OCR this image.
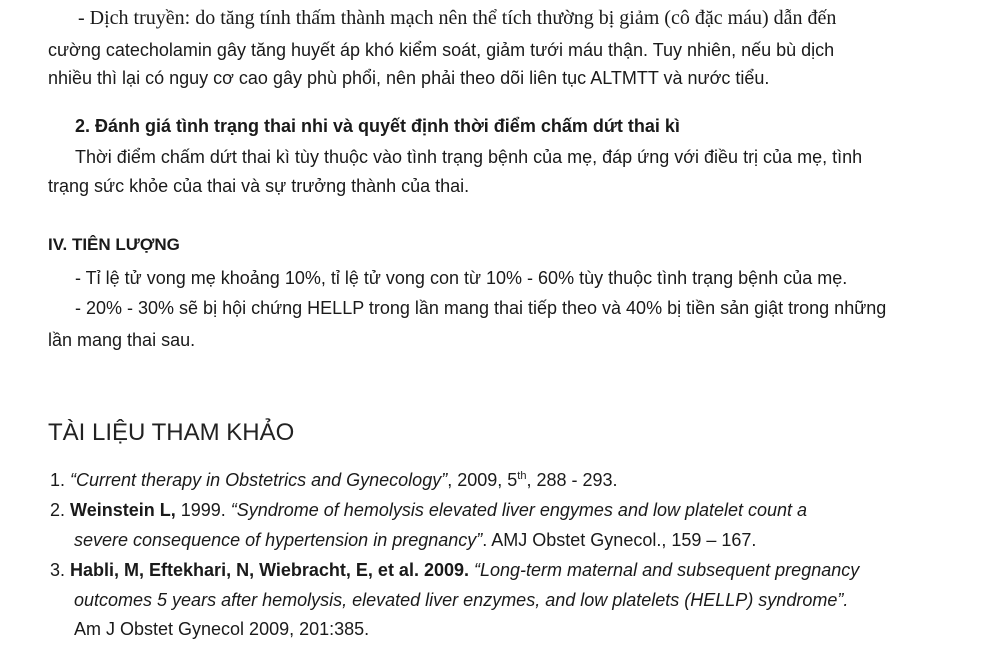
- Dịch truyền: do tăng tính thấm thành mạch nên thể tích thường bị giảm (cô đặc máu) dẫn đến
cường catecholamin gây tăng huyết áp khó kiểm soát, giảm tưới máu thận. Tuy nhiên, nếu bù dịch
nhiều thì lại có nguy cơ cao gây phù phổi, nên phải theo dõi liên tục ALTMTT và nước tiểu.
2. Đánh giá tình trạng thai nhi và quyết định thời điểm chấm dứt thai kì
Thời điểm chấm dứt thai kì tùy thuộc vào tình trạng bệnh của mẹ, đáp ứng với điều trị của mẹ, tình
trạng sức khỏe của thai và sự trưởng thành của thai.
IV. TIÊN LƯỢNG
- Tỉ lệ tử vong mẹ khoảng 10%, tỉ lệ tử vong con từ 10% - 60% tùy thuộc tình trạng bệnh của mẹ.
- 20% - 30% sẽ bị hội chứng HELLP trong lần mang thai tiếp theo và 40% bị tiền sản giật trong những
lần mang thai sau.
TÀI LIỆU THAM KHẢO
1. “Current therapy in Obstetrics and Gynecology”, 2009, 5th, 288 - 293.
2. Weinstein L, 1999. “Syndrome of hemolysis elevated liver engymes and low platelet count a
severe consequence of hypertension in pregnancy”. AMJ Obstet Gynecol., 159 – 167.
3. Habli, M, Eftekhari, N, Wiebracht, E, et al. 2009. “Long-term maternal and subsequent pregnancy
outcomes 5 years after hemolysis, elevated liver enzymes, and low platelets (HELLP) syndrome”.
Am J Obstet Gynecol 2009, 201:385.
